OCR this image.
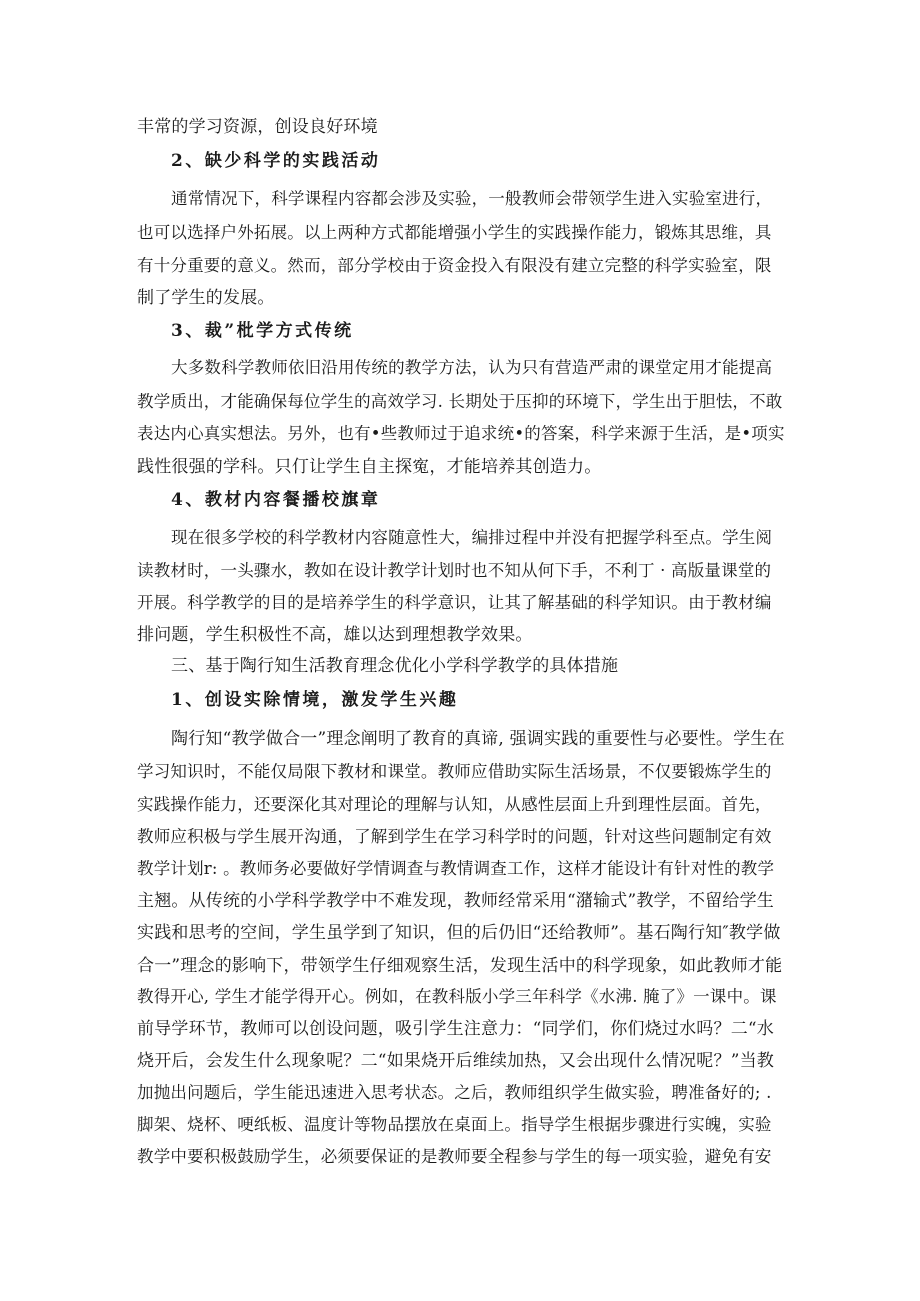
丰常的学习资源，创设良好环境
2、缺少科学的实践活动
通常情况下，科学课程内容都会涉及实验，一般教师会带领学生进入实验室进行，
也可以选择户外拓展。以上两种方式都能增强小学生的实践操作能力，锻炼其思维，具
有十分重要的意义。然而，部分学校由于资金投入有限没有建立完整的科学实验室，限
制了学生的发展。
3、裁”枇学方式传统
大多数科学教师依旧沿用传统的教学方法，认为只有营造严肃的课堂定用才能提高
教学质出，才能确保每位学生的高效学习. 长期处于压抑的环境下，学生出于胆怯，不敢
表达内心真实想法。另外，也有•些教师过于追求统•的答案，科学来源于生活，是•项实
践性很强的学科。只仃让学生自主探寃，才能培养其创造力。
4、教材内容餐播校旗章
现在很多学校的科学教材内容随意性大，编排过程中并没有把握学科至点。学生阅
读教材时，一头骤水，教如在设计教学计划时也不知从何下手，不利丁 · 高版量课堂的
开展。科学教学的目的是培养学生的科学意识，让其了解基础的科学知识。由于教材编
排问题，学生积极性不高，雄以达到理想教学效果。
三、基于陶行知生活教育理念优化小学科学教学的具体措施
1、创设实除情境，激发学生兴趣
陶行知“教学做合一”理念阐明了教育的真谛, 强调实践的重要性与必要性。学生在
学习知识时，不能仅局限下教材和课堂。教师应借助实际生活场景，不仅要锻炼学生的
实践操作能力，还要深化其对理论的理解与认知，从感性层面上升到理性层面。首先，
教师应积极与学生展开沟通，了解到学生在学习科学时的问题，针对这些问题制定有效
教学计划r: 。教师务必要做好学情调查与教情调查工作，这样才能设计有针对性的教学
主翘。从传统的小学科学教学中不难发现，教师经常采用“潴输式”教学，不留给学生
实践和思考的空间，学生虽学到了知识，但的后仍旧“还给教师”。基石陶行知″教学做
合一”理念的影响下，带领学生仔细观察生活，发现生活中的科学现象，如此教师才能
教得开心, 学生才能学得开心。例如，在教科版小学三年科学《水沸. 腌了》一课中。课
前导学环节，教师可以创设问题，吸引学生注意力：“同学们，你们烧过水吗？二“水
烧开后，会发生什么现象呢？二“如果烧开后维续加热，又会出现什么情况呢？”当教
加抛出问题后，学生能迅速进入思考状态。之后，教师组织学生做实验，聘准备好的; .
脚架、烧杯、哽纸板、温度计等物品摆放在桌面上。指导学生根据步骤进行实魄，实验
教学中要积极鼓励学生，必须要保证的是教师要全程参与学生的每一项实验，避免有安
